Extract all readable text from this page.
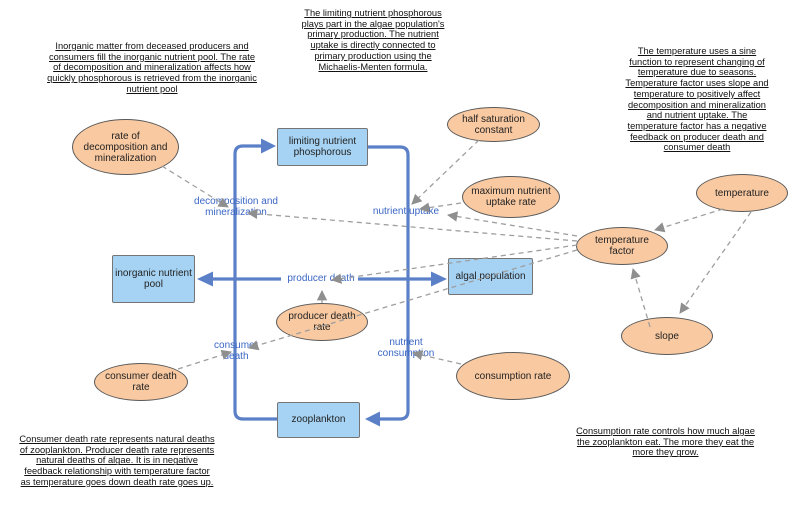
limiting nutrient phosphorous
inorganic nutrient pool
algal population
zooplankton
rate of decomposition and mineralization
half saturation constant
maximum nutrient uptake rate
temperature
temperature factor
slope
producer death rate
consumer death rate
consumption rate
decomposition and mineralization	nutrient uptake
producer death
consumer death
nutrient consumption
Inorganic matter from deceased producers and
consumers fill the inorganic nutrient pool. The rate
of decomposition and mineralization affects how
quickly phosphorous is retrieved from the inorganic
nutrient pool
The limiting nutrient phosphorous
plays part in the algae population's
primary production. The nutrient
uptake is directly connected to
primary production using the
Michaelis-Menten formula.
The temperature uses a sine
function to represent changing of
temperature due to seasons.
Temperature factor uses slope and
temperature to positively affect
decomposition and mineralization
and nutrient uptake. The
temperature factor has a negative
feedback on producer death and
consumer death
Consumer death rate represents natural deaths
of zooplankton. Producer death rate represents
natural deaths of algae. It is in negative
feedback relationship with temperature factor
as temperature goes down death rate goes up.
Consumption rate controls how much algae
the zooplankton eat. The more they eat the
more they grow.
